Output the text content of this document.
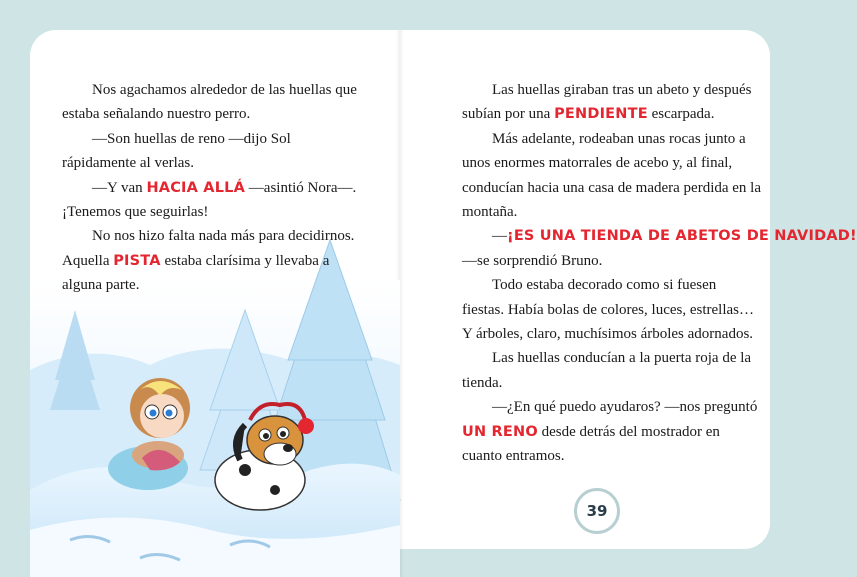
Nos agachamos alrededor de las huellas que estaba señalando nuestro perro.

—Son huellas de reno —dijo Sol rápidamente al verlas.

—Y van HACIA ALLÁ —asintió Nora—. ¡Tenemos que seguirlas!

No nos hizo falta nada más para decidirnos. Aquella PISTA estaba clarísima y llevaba a alguna parte.

Las huellas giraban tras un abeto y después subían por una PENDIENTE escarpada.

Más adelante, rodeaban unas rocas junto a unos enormes matorrales de acebo y, al final, conducían hacia una casa de madera perdida en la montaña.

—¡ES UNA TIENDA DE ABETOS DE NAVIDAD!

—se sorprendió Bruno.

Todo estaba decorado como si fuesen fiestas. Había bolas de colores, luces, estrellas… Y árboles, claro, muchísimos árboles adornados.

Las huellas conducían a la puerta roja de la tienda.

—¿En qué puedo ayudaros? —nos preguntó UN RENO desde detrás del mostrador en cuanto entramos.

39
